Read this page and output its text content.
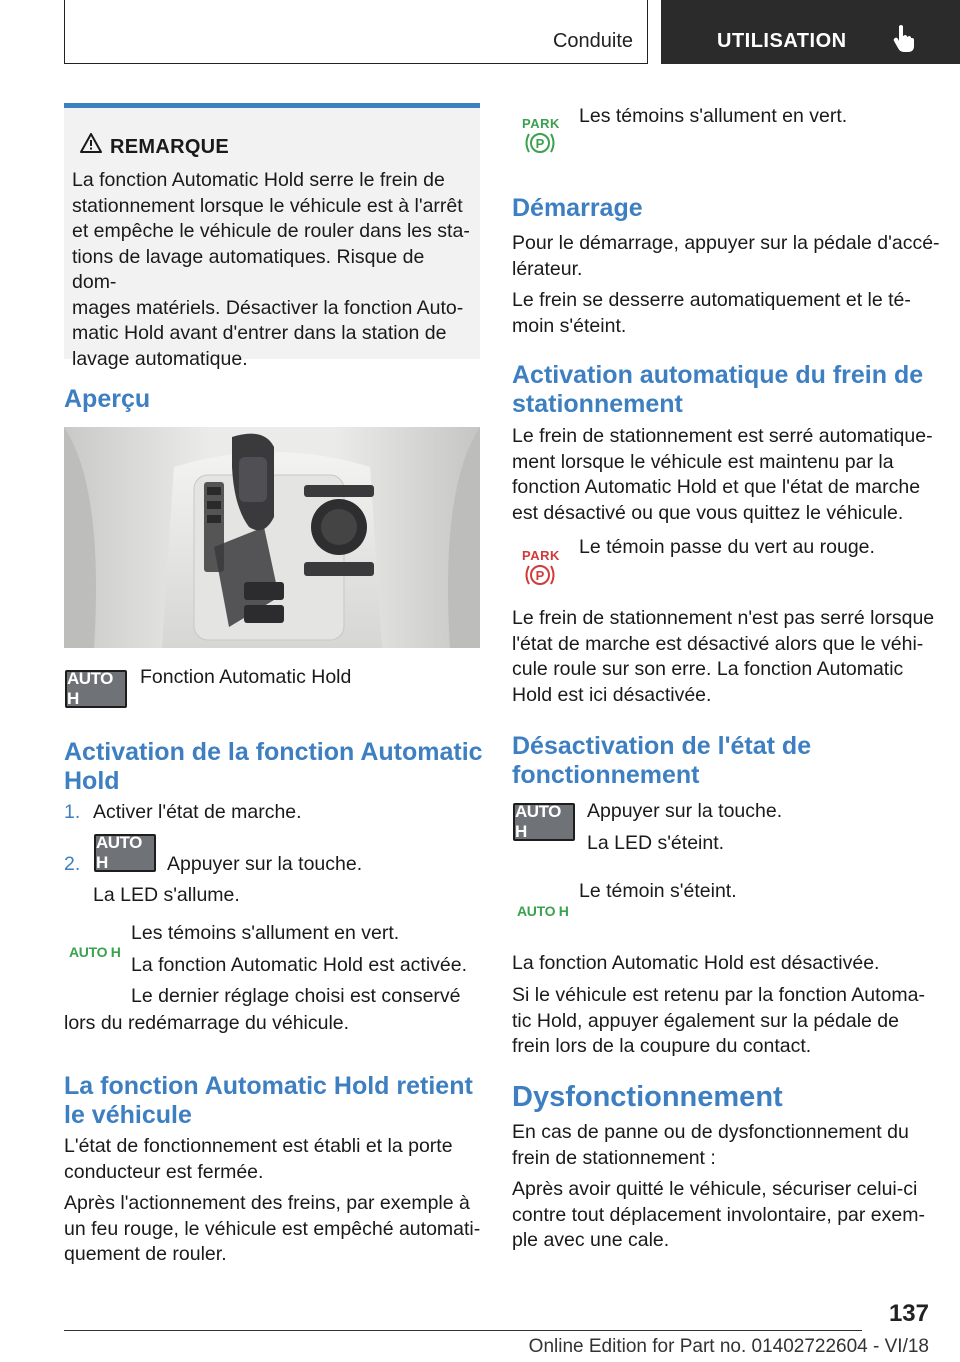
Conduite	UTILISATION
REMARQUE
La fonction Automatic Hold serre le frein de
stationnement lorsque le véhicule est à l'arrêt
et empêche le véhicule de rouler dans les sta-
tions de lavage automatiques. Risque de dom-
mages matériels. Désactiver la fonction Auto-
matic Hold avant d'entrer dans la station de
lavage automatique.
Aperçu
AUTO H
Fonction Automatic Hold
Activation de la fonction Automatic
Hold
1. Activer l'état de marche.
2.
AUTO H	Appuyer sur la touche.
La LED s'allume.
AUTO H
Les témoins s'allument en vert.
La fonction Automatic Hold est activée.
Le dernier réglage choisi est conservé
lors du redémarrage du véhicule.
La fonction Automatic Hold retient
le véhicule
L'état de fonctionnement est établi et la porte
conducteur est fermée.
Après l'actionnement des freins, par exemple à
un feu rouge, le véhicule est empêché automati-
quement de rouler.
PARK
P
Les témoins s'allument en vert.
Démarrage
Pour le démarrage, appuyer sur la pédale d'accé-
lérateur.
Le frein se desserre automatiquement et le té-
moin s'éteint.
Activation automatique du frein de
stationnement
Le frein de stationnement est serré automatique-
ment lorsque le véhicule est maintenu par la
fonction Automatic Hold et que l'état de marche
est désactivé ou que vous quittez le véhicule.
PARK
P
Le témoin passe du vert au rouge.
Le frein de stationnement n'est pas serré lorsque
l'état de marche est désactivé alors que le véhi-
cule roule sur son erre. La fonction Automatic
Hold est ici désactivée.
Désactivation de l'état de
fonctionnement
AUTO H
Appuyer sur la touche.
La LED s'éteint.
AUTO H
Le témoin s'éteint.
La fonction Automatic Hold est désactivée.
Si le véhicule est retenu par la fonction Automa-
tic Hold, appuyer également sur la pédale de
frein lors de la coupure du contact.
Dysfonctionnement
En cas de panne ou de dysfonctionnement du
frein de stationnement :
Après avoir quitté le véhicule, sécuriser celui-ci
contre tout déplacement involontaire, par exem-
ple avec une cale.
137
Online Edition for Part no. 01402722604 - VI/18
